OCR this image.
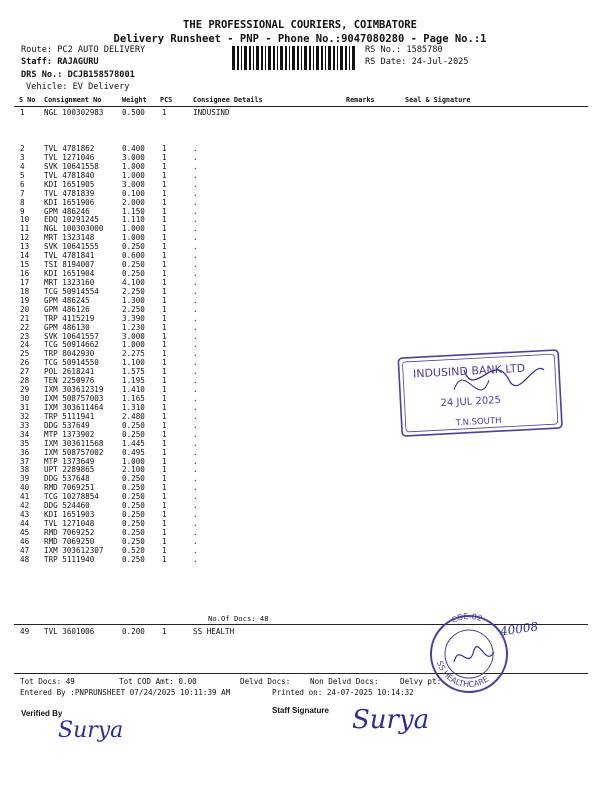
THE PROFESSIONAL COURIERS, COIMBATORE
Delivery Runsheet - PNP - Phone No.:9047080280 - Page No.:1
Route: PC2 AUTO DELIVERY
Staff: RAJAGURU
DRS No.: DCJB158578001
Vehicle: EV Delivery
RS No.: 1585780
RS Date: 24-Jul-2025
S No Consignment No	Weight PCS	Consignee Details	Remarks	Seal & Signature
1	NGL 100302983 0.500 1	INDUSIND
2	TVL 4781862	0.400 1	.
3	TVL 1271046	3.000 1	.
4	SVK 10641558	1.000 1	.
5	TVL 4781840	1.000 1	.
6	KDI 1651905	3.000 1	.
7	TVL 4781839	0.100 1	.
8	KDI 1651906	2.000 1	.
9	GPM 486246	1.150 1	.
10 EDQ 10291245	1.110 1	.
11 NGL 100303000 1.000 1	.
12 MRT 1323148	1.000 1	.
13 SVK 10641555	0.250 1	.
14 TVL 4781841	0.600 1	.
15 TSI 8194007	0.250 1	.
16 KDI 1651904	0.250 1	.
17 MRT 1323160	4.100 1	.
18 TCG 50914554	2.250 1	.
19 GPM 486245	1.300 1	.
20 GPM 486126	2.250 1	.
21 TRP 4115219	3.390 1	.
22 GPM 486130	1.230 1	.
23 SVK 10641557	3.000 1	.
24 TCG 50914662	1.000 1	.
25 TRP 8042930	2.275 1	.
26 TCG 50914550	1.100 1	.
27 POL 2618241	1.575 1	.
28 TEN 2250976	1.195 1	.
29 IXM 303612319 1.410 1	.
30 IXM 508757003 1.165 1	.
31 IXM 303611464 1.310 1	.
32 TRP 5111941	2.480 1	.
33 DDG 537649	0.250 1	.
34 MTP 1373902	0.250 1	.
35 IXM 303611568 1.445 1	.
36 IXM 508757002 0.495 1	.
37 MTP 1373649	1.000 1	.
38 UPT 2289865	2.100 1	.
39 DDG 537648	0.250 1	.
40 RMD 7069251	0.250 1	.
41 TCG 10278854	0.250 1	.
42 DDG 524460	0.250 1	.
43 KDI 1651903	0.250 1	.
44 TVL 1271048	0.250 1	.
45 RMD 7069252	0.250 1	.
46 RMD 7069250	0.250 1	.
47 IXM 303612307 0.520 1	.
48 TRP 5111940	0.250 1	.
No.Of Docs: 48
49 TVL 3601006	0.200 1	SS HEALTH
Tot Docs: 49	Tot COD Amt: 0.00	Delvd Docs:	Non Delvd Docs:	Delvy pt:
Entered By :PNPRUNSHEET 07/24/2025 10:11:39 AM	Printed on: 24-07-2025 10:14:32
Verified By	Staff Signature
Surya	Surya
INDUSIND BANK LTD
24 JUL 2025
T.N.SOUTH
SS HEALTHCARE
CBE-02
40008
